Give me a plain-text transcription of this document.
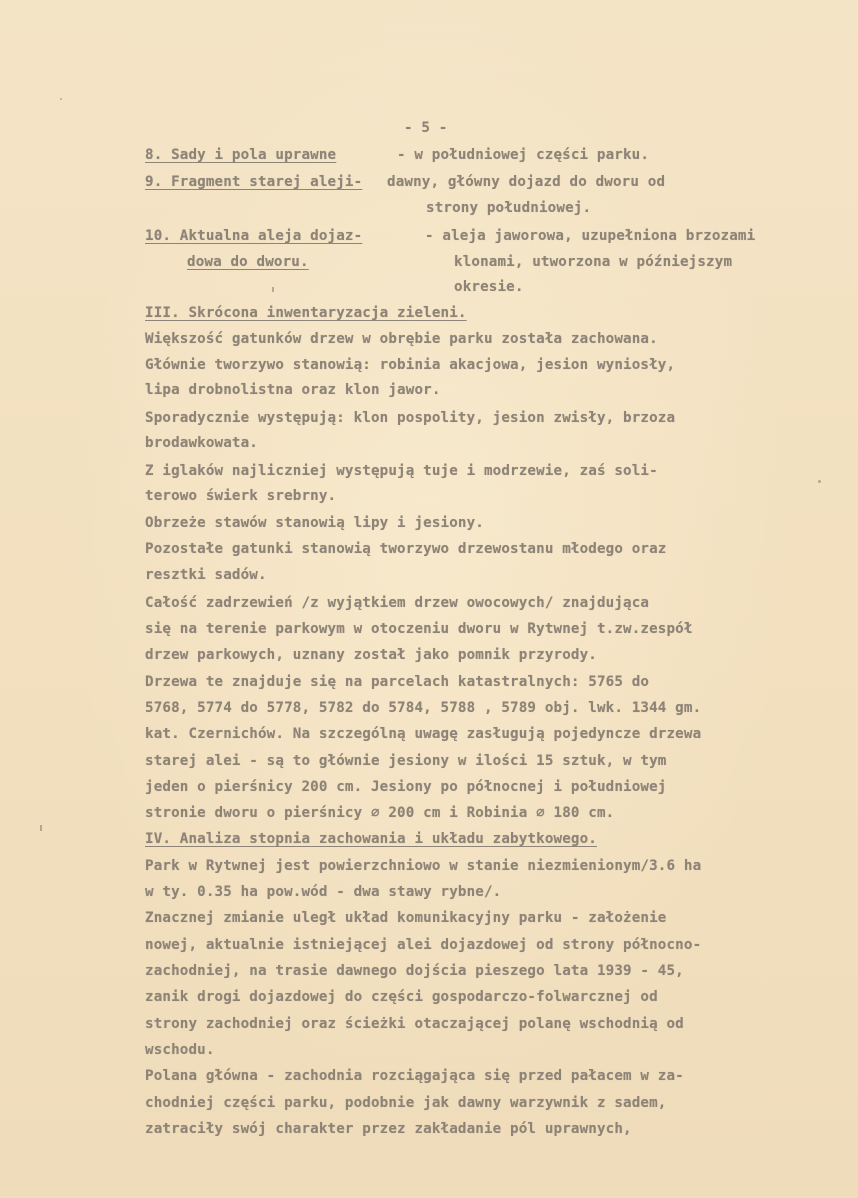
- 5 -
8. Sady i pola uprawne	- w południowej części parku.
9. Fragment starej aleji- dawny, główny dojazd do dworu od
strony południowej.
10. Aktualna aleja dojaz-	- aleja jaworowa, uzupełniona brzozami
dowa do dworu.	klonami, utworzona w późniejszym
okresie.
III. Skrócona inwentaryzacja zieleni.
Większość gatunków drzew w obrębie parku została zachowana.
Głównie tworzywo stanowią: robinia akacjowa, jesion wyniosły,
lipa drobnolistna oraz klon jawor.
Sporadycznie występują: klon pospolity, jesion zwisły, brzoza
brodawkowata.
Z iglaków najliczniej występują tuje i modrzewie, zaś soli-
terowo świerk srebrny.
Obrzeże stawów stanowią lipy i jesiony.
Pozostałe gatunki stanowią tworzywo drzewostanu młodego oraz
resztki sadów.
Całość zadrzewień /z wyjątkiem drzew owocowych/ znajdująca
się na terenie parkowym w otoczeniu dworu w Rytwnej t.zw.zespół
drzew parkowych, uznany został jako pomnik przyrody.
Drzewa te znajduje się na parcelach katastralnych: 5765 do
5768, 5774 do 5778, 5782 do 5784, 5788 , 5789 obj. lwk. 1344 gm.
kat. Czernichów. Na szczególną uwagę zasługują pojedyncze drzewa
starej alei - są to głównie jesiony w ilości 15 sztuk, w tym
jeden o pierśnicy 200 cm. Jesiony po północnej i południowej
stronie dworu o pierśnicy ∅ 200 cm i Robinia ∅ 180 cm.
IV. Analiza stopnia zachowania i układu zabytkowego.
Park w Rytwnej jest powierzchniowo w stanie niezmienionym/3.6 ha
w ty. 0.35 ha pow.wód - dwa stawy rybne/.
Znacznej zmianie uległ układ komunikacyjny parku - założenie
nowej, aktualnie istniejącej alei dojazdowej od strony północno-
zachodniej, na trasie dawnego dojścia pieszego lata 1939 - 45,
zanik drogi dojazdowej do części gospodarczo-folwarcznej od
strony zachodniej oraz ścieżki otaczającej polanę wschodnią od
wschodu.
Polana główna - zachodnia rozciągająca się przed pałacem w za-
chodniej części parku, podobnie jak dawny warzywnik z sadem,
zatraciły swój charakter przez zakładanie pól uprawnych,
